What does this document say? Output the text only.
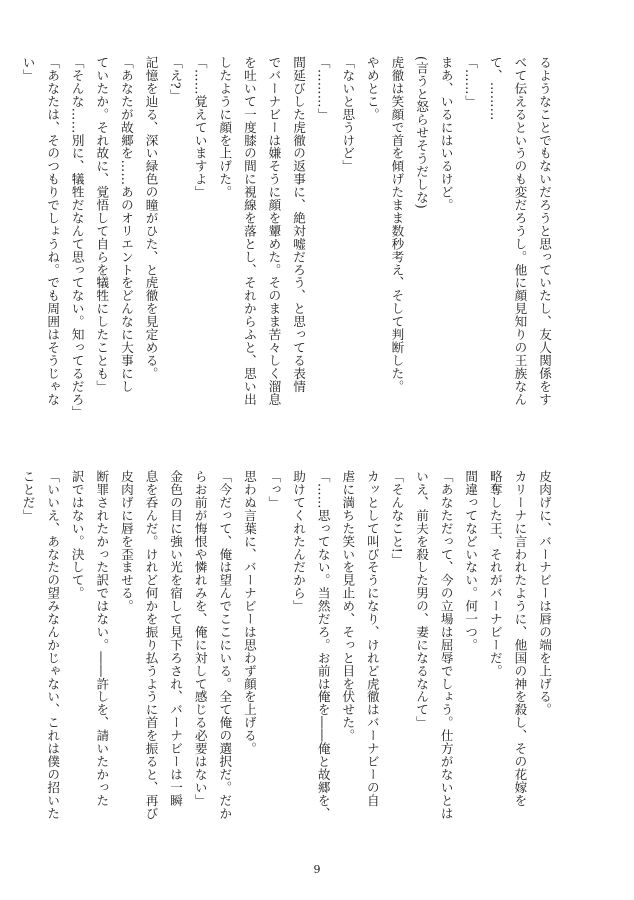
るようなことでもないだろうと思っていたし、友人関係をす
べて伝えるというのも変だろうし。他に顔見知りの王族なん
て、………
「……」
まあ、いるにはいるけど。
(言うと怒らせそうだしな)
虎徹は笑顔で首を傾げたまま数秒考え、そして判断した。
やめとこ。
「ないと思うけど」
「………」
間延びした虎徹の返事に、絶対嘘だろう、と思ってる表情
でバーナビーは嫌そうに顔を顰めた。そのまま苦々しく溜息
を吐いて一度膝の間に視線を落とし、それからふと、思い出
したように顔を上げた。
「……覚えていますよ」
「え?」
記憶を辿る、深い緑色の瞳がひた、と虎徹を見定める。
「あなたが故郷を……あのオリエントをどんなに大事にし
ていたか。それ故に、覚悟して自らを犠牲にしたことも」
「そんな……別に、犠牲だなんて思ってない。知ってるだろ」
「あなたは、そのつもりでしょうね。でも周囲はそうじゃな
い」
皮肉げに、バーナビーは唇の端を上げる。
カリーナに言われたように、他国の神を殺し、その花嫁を
略奪した王、それがバーナビーだ。
間違ってなどいない。何一つ。
「あなただって、今の立場は屈辱でしょう。仕方がないとは
いえ、前夫を殺した男の、妻になるなんて」
「そんなこと!」
カッとして叫びそうになり、けれど虎徹はバーナビーの自
虐に満ちた笑いを見止め、そっと目を伏せた。
「……思ってない。当然だろ。お前は俺を――俺と故郷を、
助けてくれたんだから」
「っ」
思わぬ言葉に、バーナビーは思わず顔を上げる。
「今だって、俺は望んでここにいる。全て俺の選択だ。だか
らお前が悔恨や憐れみを、俺に対して感じる必要はない」
金色の目に強い光を宿して見下ろされ、バーナビーは一瞬
息を呑んだ。けれど何かを振り払うように首を振ると、再び
皮肉げに唇を歪ませる。
断罪されたかった訳ではない。――許しを、請いたかった
訳ではない。決して。
「いいえ、あなたの望みなんかじゃない、これは僕の招いた
ことだ」
9
